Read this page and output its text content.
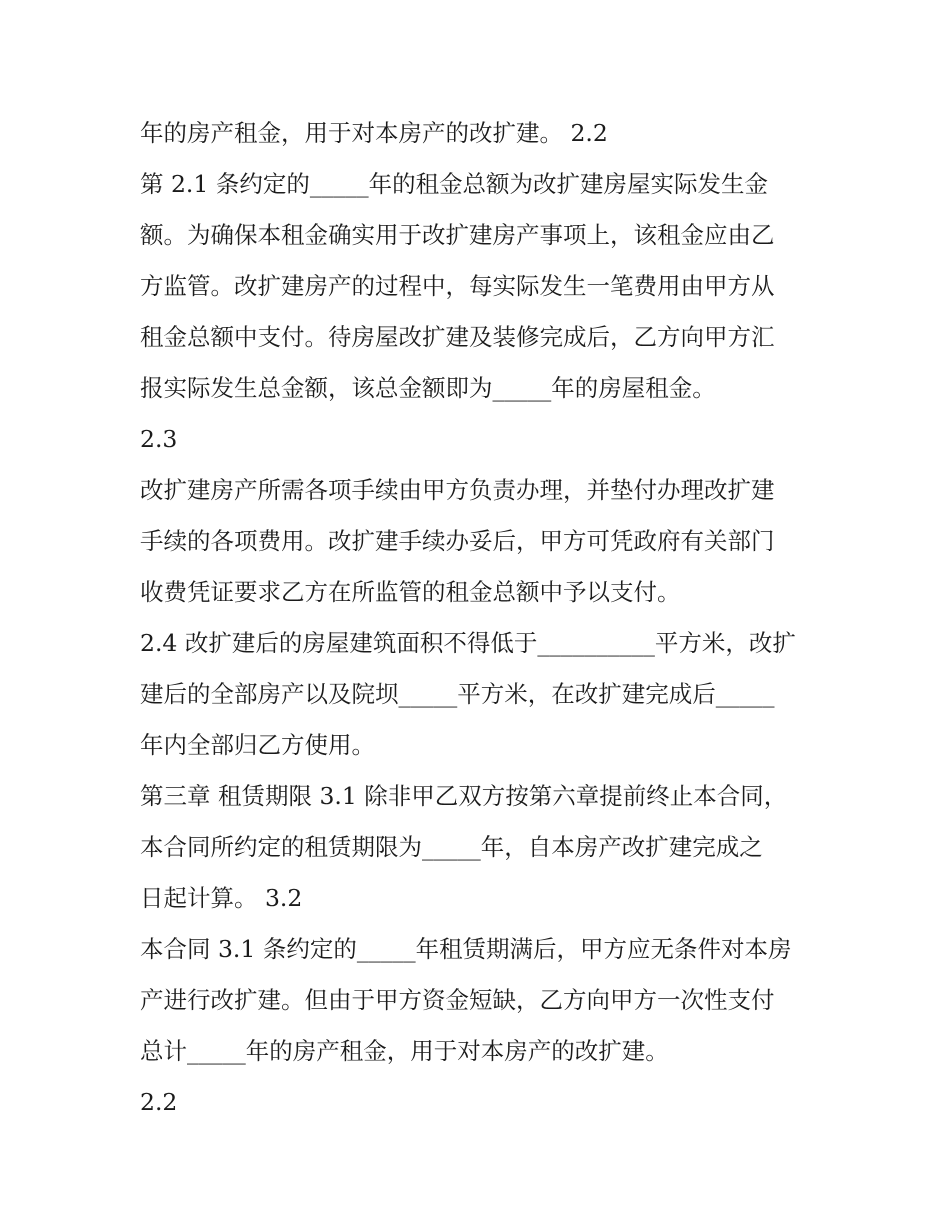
年的房产租金，用于对本房产的改扩建。 2.2
第 2.1 条约定的_____年的租金总额为改扩建房屋实际发生金
额。为确保本租金确实用于改扩建房产事项上，该租金应由乙
方监管。改扩建房产的过程中，每实际发生一笔费用由甲方从
租金总额中支付。待房屋改扩建及装修完成后，乙方向甲方汇
报实际发生总金额，该总金额即为_____年的房屋租金。
2.3
改扩建房产所需各项手续由甲方负责办理，并垫付办理改扩建
手续的各项费用。改扩建手续办妥后，甲方可凭政府有关部门
收费凭证要求乙方在所监管的租金总额中予以支付。
2.4 改扩建后的房屋建筑面积不得低于__________平方米，改扩
建后的全部房产以及院坝_____平方米，在改扩建完成后_____
年内全部归乙方使用。
第三章 租赁期限 3.1 除非甲乙双方按第六章提前终止本合同，
本合同所约定的租赁期限为_____年，自本房产改扩建完成之
日起计算。 3.2
本合同 3.1 条约定的_____年租赁期满后，甲方应无条件对本房
产进行改扩建。但由于甲方资金短缺，乙方向甲方一次性支付
总计_____年的房产租金，用于对本房产的改扩建。
2.2
